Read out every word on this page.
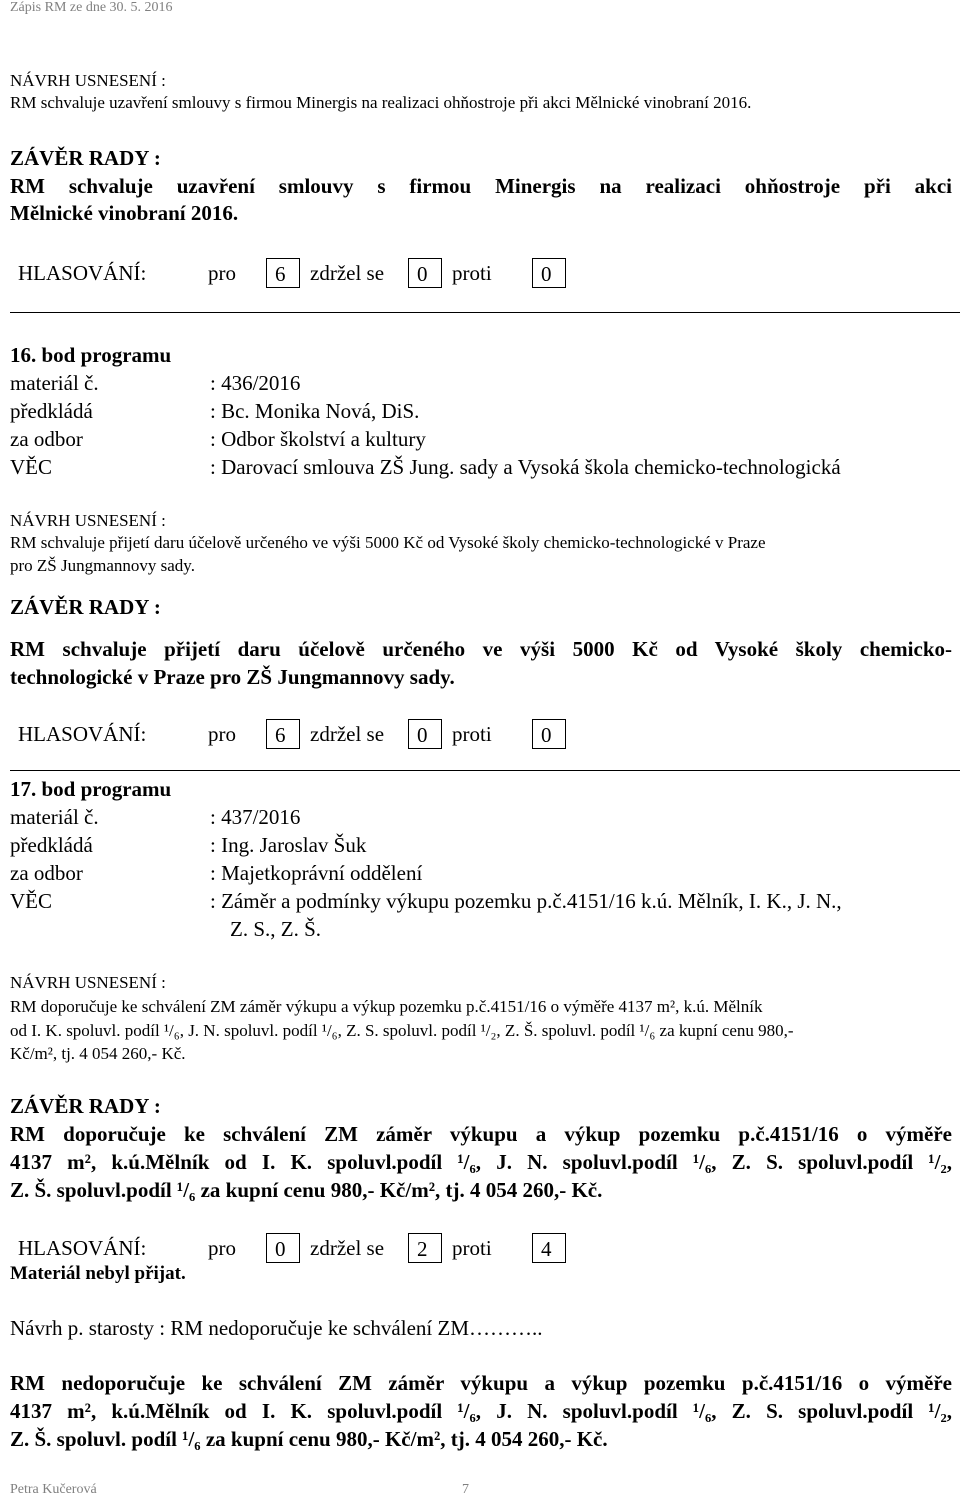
Zápis RM ze dne 30. 5. 2016
NÁVRH USNESENÍ :
RM schvaluje uzavření smlouvy s firmou Minergis na realizaci ohňostroje při akci Mělnické vinobraní 2016.
ZÁVĚR RADY :
RM schvaluje uzavření smlouvy s firmou Minergis na realizaci ohňostroje při akci
Mělnické vinobraní 2016.
HLASOVÁNÍ:	pro 6 zdržel se 0 proti 0
16. bod programu
materiál č.	: 436/2016
předkládá	: Bc. Monika Nová, DiS.
za odbor	: Odbor školství a kultury
VĚC	: Darovací smlouva ZŠ Jung. sady a Vysoká škola chemicko-technologická
NÁVRH USNESENÍ :
RM schvaluje přijetí daru účelově určeného ve výši 5000 Kč od Vysoké školy chemicko-technologické v Praze
pro ZŠ Jungmannovy sady.
ZÁVĚR RADY :
RM schvaluje přijetí daru účelově určeného ve výši 5000 Kč od Vysoké školy chemicko-
technologické v Praze pro ZŠ Jungmannovy sady.
HLASOVÁNÍ:	pro 6 zdržel se 0 proti 0
17. bod programu
materiál č.	: 437/2016
předkládá	: Ing. Jaroslav Šuk
za odbor	: Majetkoprávní oddělení
VĚC	: Záměr a podmínky výkupu pozemku p.č.4151/16 k.ú. Mělník, I. K., J. N.,
Z. S., Z. Š.
NÁVRH USNESENÍ :
RM doporučuje ke schválení ZM záměr výkupu a výkup pozemku p.č.4151/16 o výměře 4137 m², k.ú. Mělník
od I. K. spoluvl. podíl ¹/₆, J. N. spoluvl. podíl ¹/₆, Z. S. spoluvl. podíl ¹/₂, Z. Š. spoluvl. podíl ¹/₆ za kupní cenu 980,-
Kč/m², tj. 4 054 260,- Kč.
ZÁVĚR RADY :
RM doporučuje ke schválení ZM záměr výkupu a výkup pozemku p.č.4151/16 o výměře
4137 m², k.ú.Mělník od I. K. spoluvl.podíl ¹/₆, J. N. spoluvl.podíl ¹/₆, Z. S. spoluvl.podíl ¹/₂,
Z. Š. spoluvl.podíl ¹/₆ za kupní cenu 980,- Kč/m², tj. 4 054 260,- Kč.
HLASOVÁNÍ:	pro 0 zdržel se 2 proti 4
Materiál nebyl přijat.
Návrh p. starosty : RM nedoporučuje ke schválení ZM………..
RM nedoporučuje ke schválení ZM záměr výkupu a výkup pozemku p.č.4151/16 o výměře
4137 m², k.ú.Mělník od I. K. spoluvl.podíl ¹/₆, J. N. spoluvl.podíl ¹/₆, Z. S. spoluvl.podíl ¹/₂,
Z. Š. spoluvl. podíl ¹/₆ za kupní cenu 980,- Kč/m², tj. 4 054 260,- Kč.
Petra Kučerová	7
